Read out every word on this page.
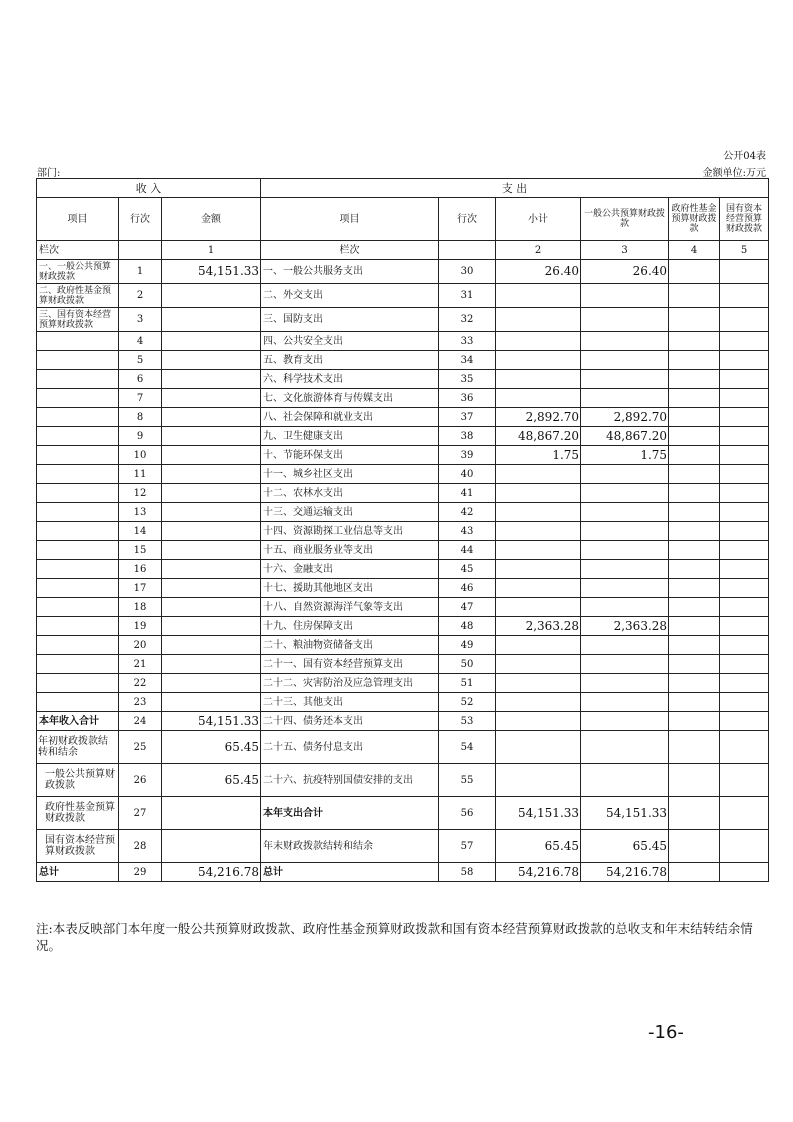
公开04表
部门:	金额单位:万元
收 入			支 出					
项目	行次	金额	项目	行次	小计	一般公共预算财政拨款	政府性基金预算财政拨款	国有资本经营预算财政拨款
栏次		1	栏次		2	3	4	5
一、一般公共预算财政拨款	1	54,151.33	一、一般公共服务支出	30	26.40	26.40		
二、政府性基金预算财政拨款	2		二、外交支出	31				
三、国有资本经营预算财政拨款	3		三、国防支出	32				
	4		四、公共安全支出	33				
	5		五、教育支出	34				
	6		六、科学技术支出	35				
	7		七、文化旅游体育与传媒支出	36				
	8		八、社会保障和就业支出	37	2,892.70	2,892.70		
	9		九、卫生健康支出	38	48,867.20	48,867.20		
	10		十、节能环保支出	39	1.75	1.75		
	11		十一、城乡社区支出	40				
	12		十二、农林水支出	41				
	13		十三、交通运输支出	42				
	14		十四、资源勘探工业信息等支出	43				
	15		十五、商业服务业等支出	44				
	16		十六、金融支出	45				
	17		十七、援助其他地区支出	46				
	18		十八、自然资源海洋气象等支出	47				
	19		十九、住房保障支出	48	2,363.28	2,363.28		
	20		二十、粮油物资储备支出	49				
	21		二十一、国有资本经营预算支出	50				
	22		二十二、灾害防治及应急管理支出	51				
	23		二十三、其他支出	52				
本年收入合计	24	54,151.33	二十四、债务还本支出	53				
年初财政拨款结转和结余	25	65.45	二十五、债务付息支出	54				
一般公共预算财政拨款	26	65.45	二十六、抗疫特别国债安排的支出	55				
政府性基金预算财政拨款	27		本年支出合计	56	54,151.33	54,151.33		
国有资本经营预算财政拨款	28		年末财政拨款结转和结余	57	65.45	65.45		
总计	29	54,216.78	总计	58	54,216.78	54,216.78		
注:本表反映部门本年度一般公共预算财政拨款、政府性基金预算财政拨款和国有资本经营预算财政拨款的总收支和年末结转结余情况。
-16-
